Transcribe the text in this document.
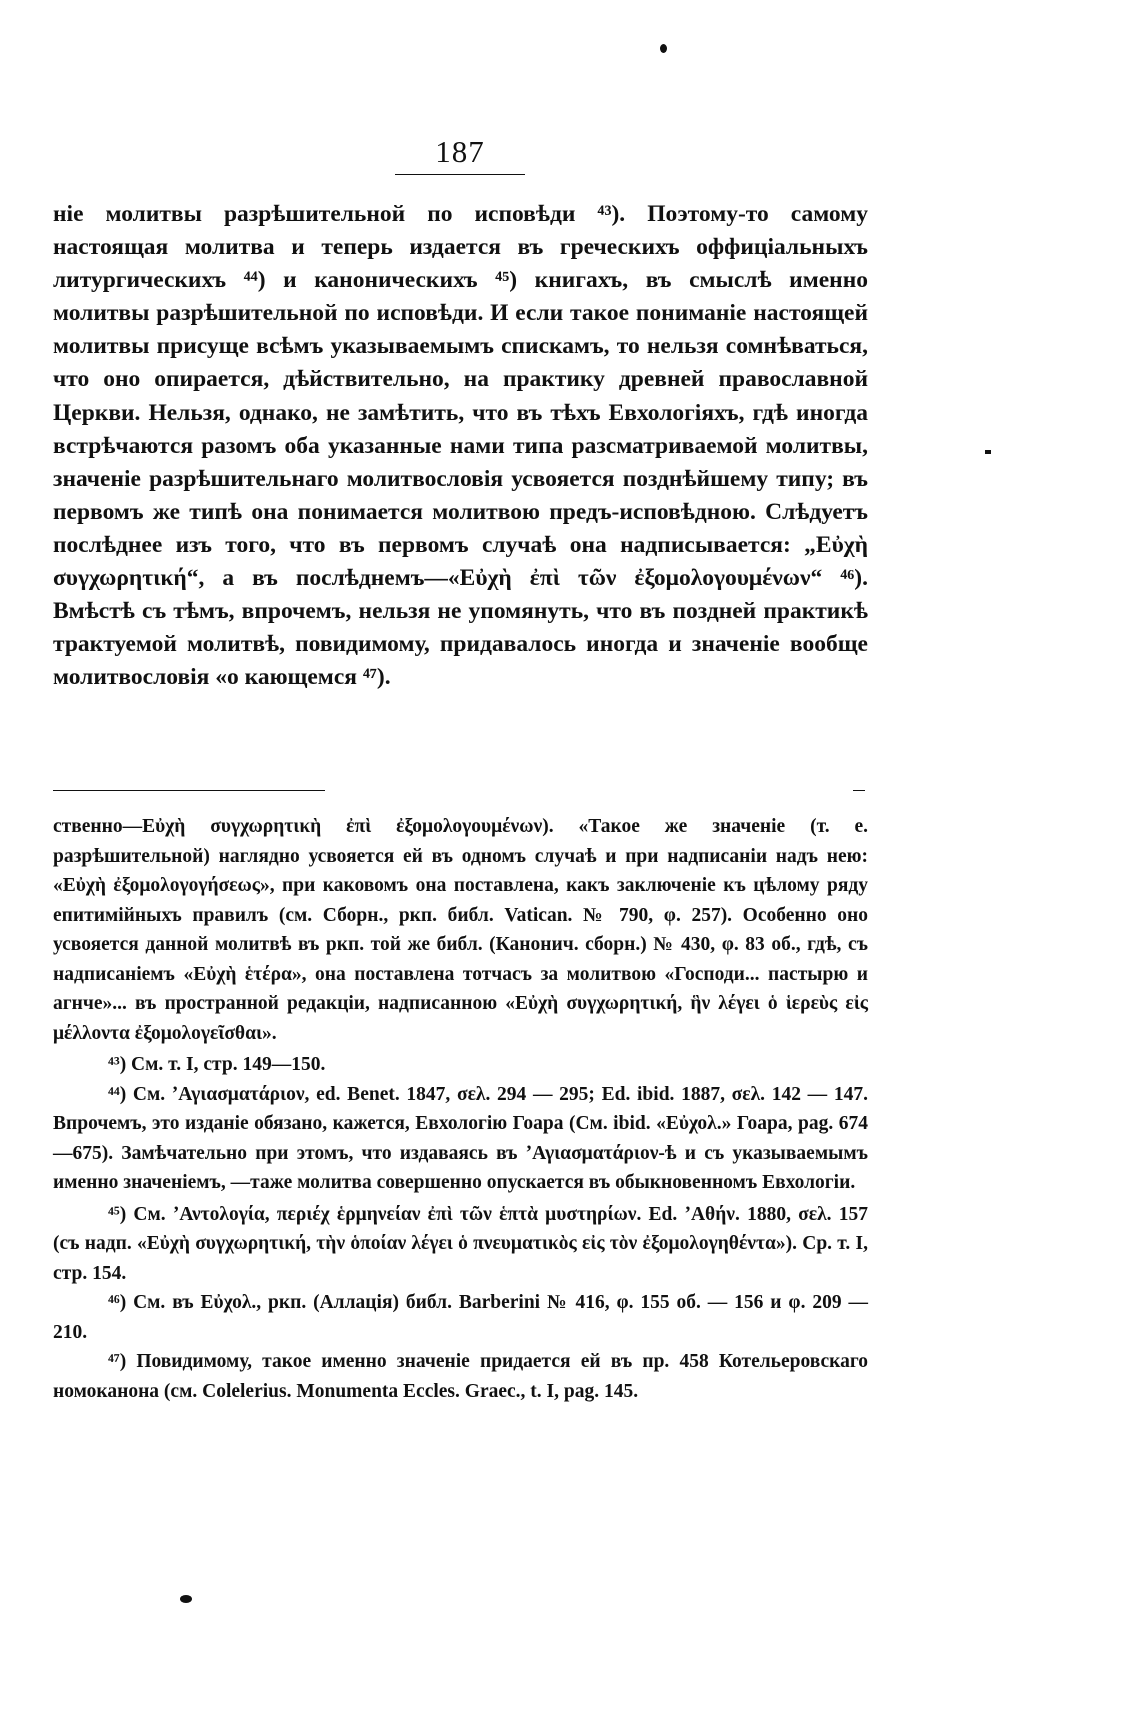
187

ніе молитвы разрѣшительной по исповѣди ⁴³). Поэтому-то самому настоящая молитва и теперь издается въ греческихъ оффиціальныхъ литургическихъ ⁴⁴) и каноническихъ ⁴⁵) книгахъ, въ смыслѣ именно молитвы разрѣшительной по исповѣди. И если такое пониманіе настоящей молитвы присуще всѣмъ указываемымъ спискамъ, то нельзя сомнѣваться, что оно опирается, дѣйствительно, на практику древней православной Церкви. Нельзя, однако, не замѣтить, что въ тѣхъ Евхологіяхъ, гдѣ иногда встрѣчаются разомъ оба указанные нами типа разсматриваемой молитвы, значеніе разрѣшительнаго молитвословія усвояется позднѣйшему типу; въ первомъ же типѣ она понимается молитвою предъ-исповѣдною. Слѣдуетъ послѣднее изъ того, что въ первомъ случаѣ она надписывается: „Εὐχὴ συγχωρητική“, а въ послѣднемъ—«Εὐχὴ ἐπὶ τῶν ἐξομολογουμένων“ ⁴⁶). Вмѣстѣ съ тѣмъ, впрочемъ, нельзя не упомянуть, что въ поздней практикѣ трактуемой молитвѣ, повидимому, придавалось иногда и значеніе вообще молитвословія «о кающемся ⁴⁷).

ственно—Εὐχὴ συγχωρητικὴ ἐπὶ ἐξομολογουμένων). «Такое же значеніе (т. е. разрѣшительной) наглядно усвояется ей въ одномъ случаѣ и при надписаніи надъ нею: «Εὐχὴ ἐξομολογογήσεως», при каковомъ она поставлена, какъ заключеніе къ цѣлому ряду епитимійныхъ правилъ (см. Сборн., ркп. библ. Vatican. № 790, φ. 257). Особенно оно усвояется данной молитвѣ въ ркп. той же библ. (Канонич. сборн.) № 430, φ. 83 об., гдѣ, съ надписаніемъ «Εὐχὴ ἑτέρα», она поставлена тотчасъ за молитвою «Господи... пастырю и агнче»... въ пространной редакціи, надписанною «Εὐχὴ συγχωρητική, ἣν λέγει ὁ ἱερεὺς εἰς μέλλοντα ἐξομολογεῖσθαι».

⁴³) См. т. I, стр. 149—150.

⁴⁴) См. ʼΑγιασματάριον, ed. Benet. 1847, σελ. 294 — 295; Ed. ibid. 1887, σελ. 142 — 147. Впрочемъ, это изданіе обязано, кажется, Евхологію Гоара (См. ibid. «Εὐχολ.» Гоара, pag. 674—675). Замѣчательно при этомъ, что издаваясь въ ʼΑγιασματάριον-ѣ и съ указываемымъ именно значеніемъ, —таже молитва совершенно опускается въ обыкновенномъ Евхологіи.

⁴⁵) См. ʼΑντολογία, περιέχ ἑρμηνείαν ἐπὶ τῶν ἑπτὰ μυστηρίων. Ed. ʼΑθήν. 1880, σελ. 157 (съ надп. «Εὐχὴ συγχωρητική, τὴν ὁποίαν λέγει ὁ πνευματικὸς εἰς τὸν ἐξομολογηθέντα»). Ср. т. I, стр. 154.

⁴⁶) См. въ Εὐχολ., ркп. (Аллація) библ. Barberini № 416, φ. 155 об. — 156 и φ. 209 — 210.

⁴⁷) Повидимому, такое именно значеніе придается ей въ пр. 458 Котельеровскаго номоканона (см. Colelerius. Monumenta Eccles. Graec., t. I, pag. 145.
